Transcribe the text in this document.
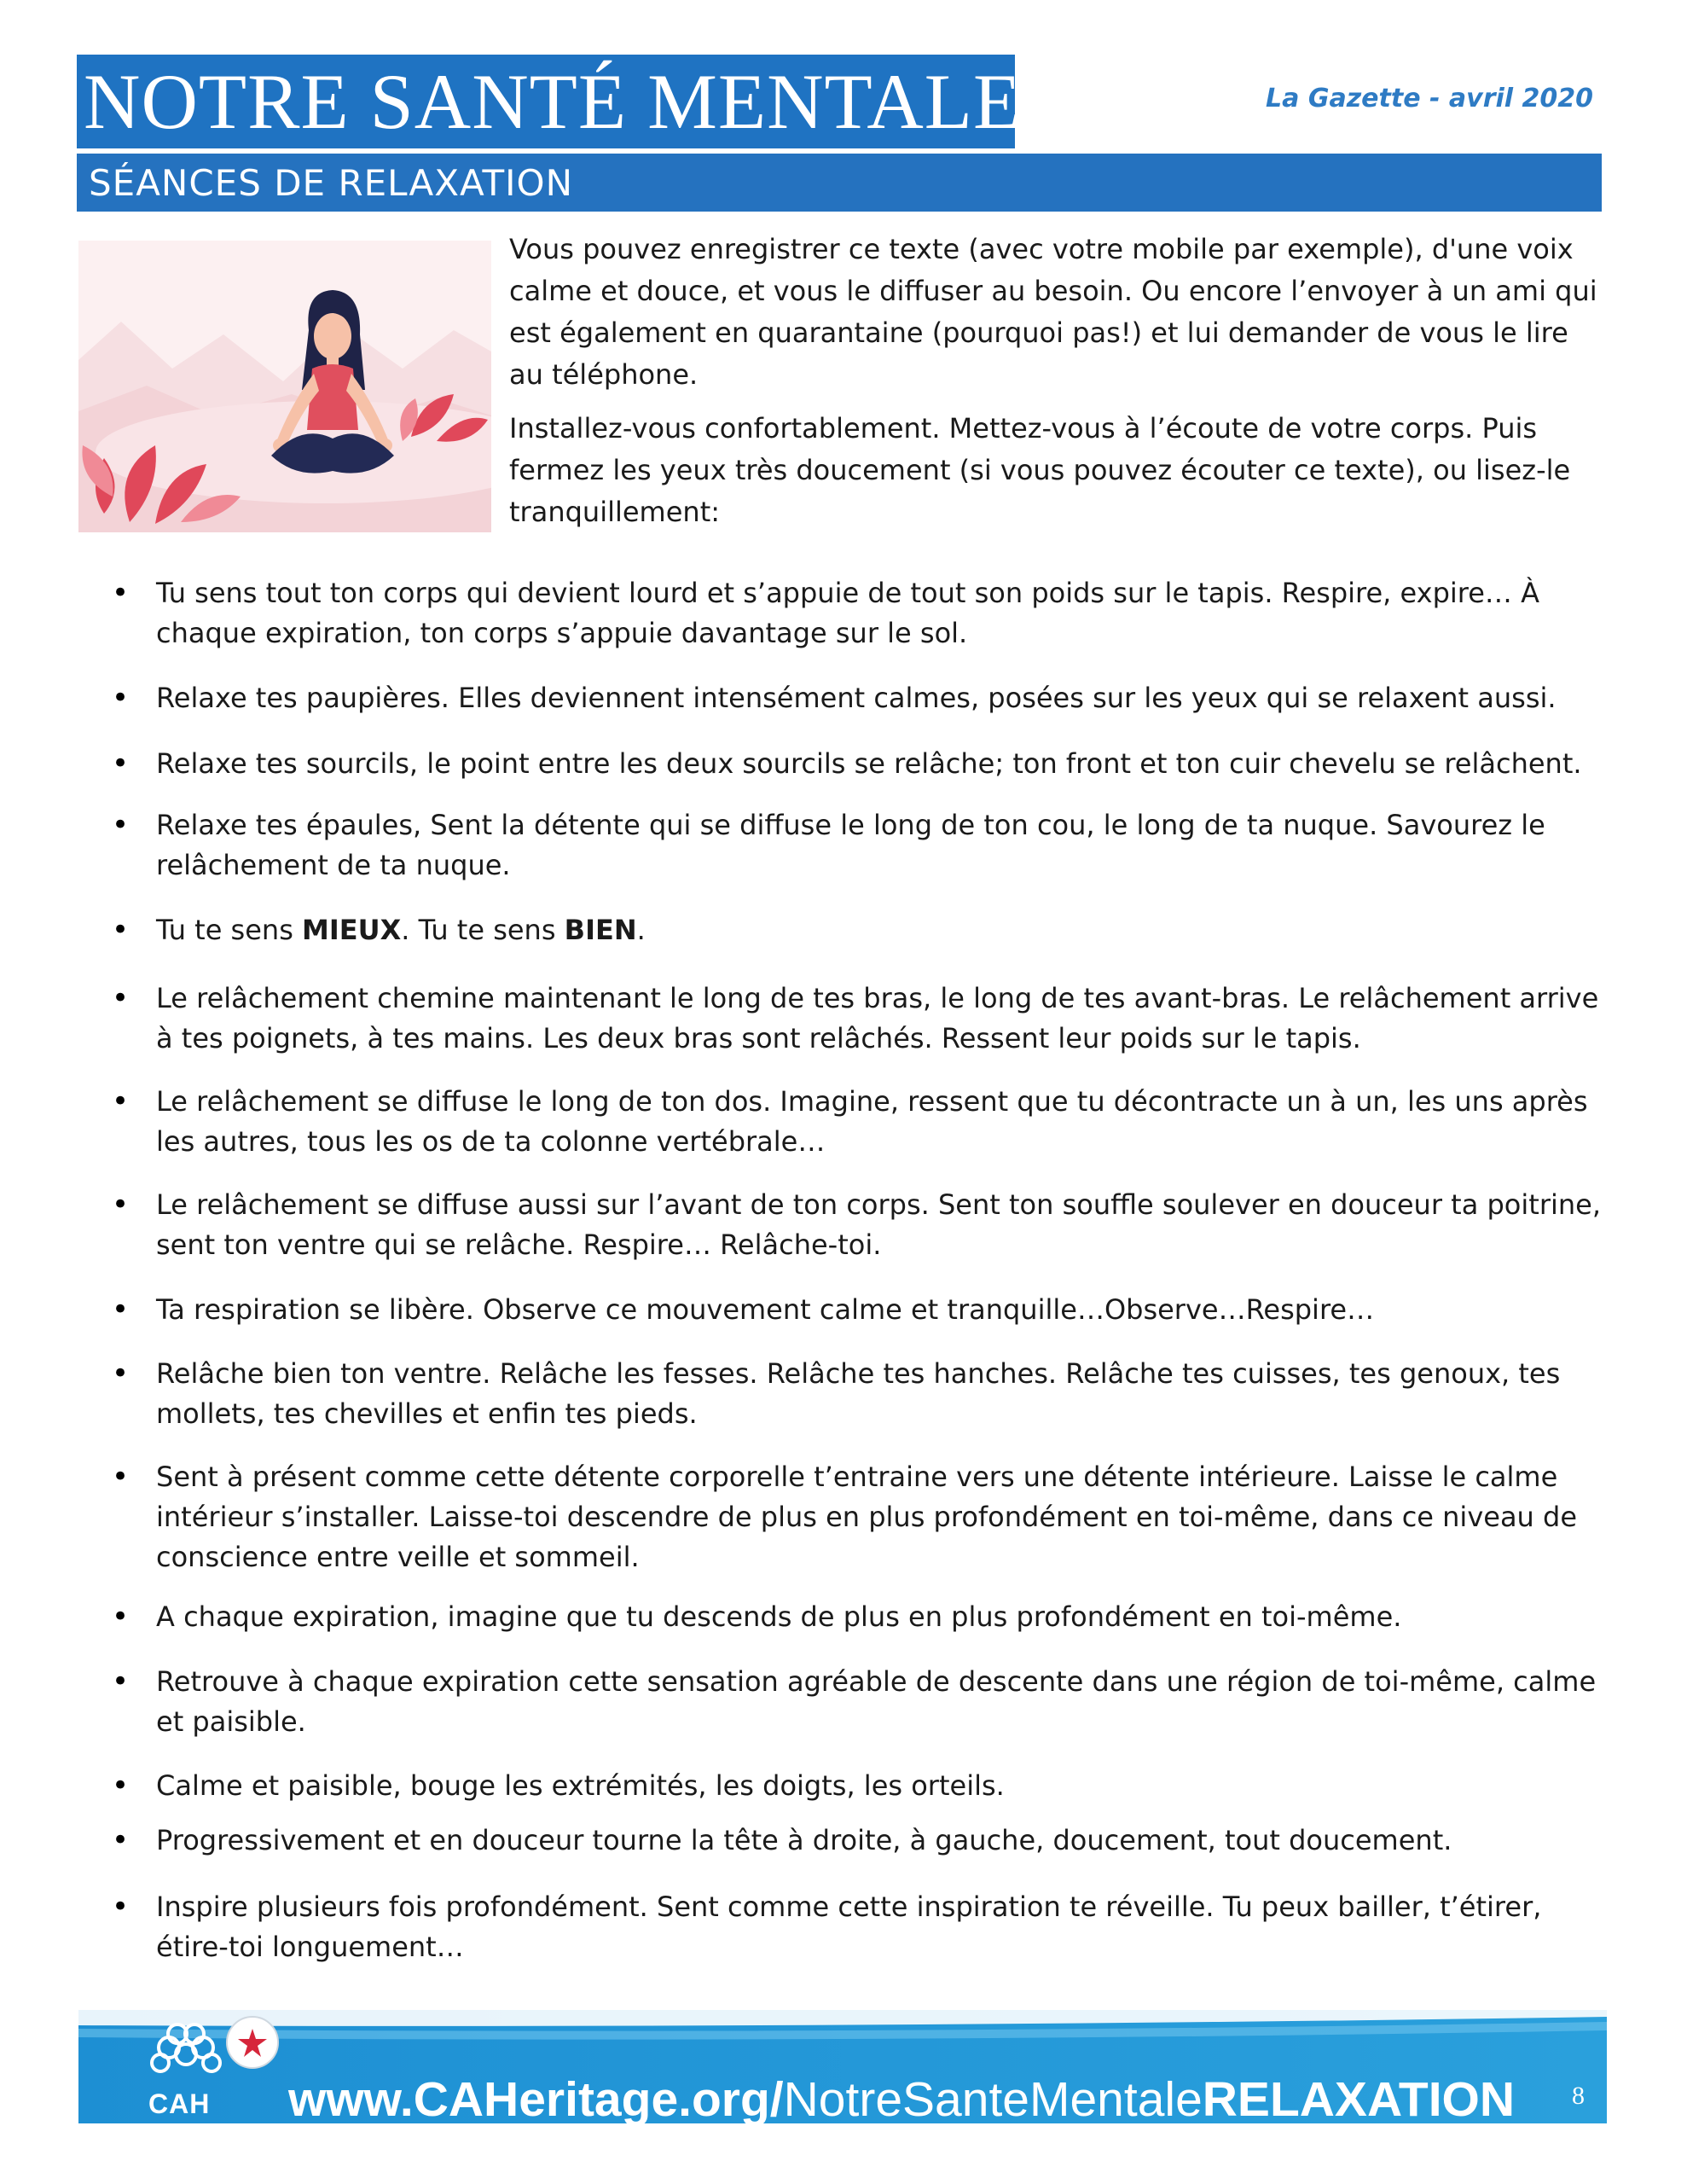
NOTRE SANTÉ MENTALE	La Gazette - avril 2020
SÉANCES DE RELAXATION

Vous pouvez enregistrer ce texte (avec votre mobile par exemple), d'une voix calme et douce, et vous le diffuser au besoin. Ou encore l’envoyer à un ami qui est également en quarantaine (pourquoi pas!) et lui demander de vous le lire au téléphone.

Installez-vous confortablement. Mettez-vous à l’écoute de votre corps. Puis fermez les yeux très doucement (si vous pouvez écouter ce texte), ou lisez-le tranquillement:

• Tu sens tout ton corps qui devient lourd et s’appuie de tout son poids sur le tapis. Respire, expire… À chaque expiration, ton corps s’appuie davantage sur le sol.
• Relaxe tes paupières. Elles deviennent intensément calmes, posées sur les yeux qui se relaxent aussi.
• Relaxe tes sourcils, le point entre les deux sourcils se relâche; ton front et ton cuir chevelu se relâchent.
• Relaxe tes épaules, Sent la détente qui se diffuse le long de ton cou, le long de ta nuque. Savourez le relâchement de ta nuque.
• Tu te sens MIEUX. Tu te sens BIEN.
• Le relâchement chemine maintenant le long de tes bras, le long de tes avant-bras. Le relâchement arrive à tes poignets, à tes mains. Les deux bras sont relâchés. Ressent leur poids sur le tapis.
• Le relâchement se diffuse le long de ton dos. Imagine, ressent que tu décontracte un à un, les uns après les autres, tous les os de ta colonne vertébrale…
• Le relâchement se diffuse aussi sur l’avant de ton corps. Sent ton souffle soulever en douceur ta poitrine, sent ton ventre qui se relâche. Respire… Relâche-toi.
• Ta respiration se libère. Observe ce mouvement calme et tranquille…Observe…Respire…
• Relâche bien ton ventre. Relâche les fesses. Relâche tes hanches. Relâche tes cuisses, tes genoux, tes mollets, tes chevilles et enfin tes pieds.
• Sent à présent comme cette détente corporelle t’entraine vers une détente intérieure. Laisse le calme intérieur s’installer. Laisse-toi descendre de plus en plus profondément en toi-même, dans ce niveau de conscience entre veille et sommeil.
• A chaque expiration, imagine que tu descends de plus en plus profondément en toi-même.
• Retrouve à chaque expiration cette sensation agréable de descente dans une région de toi-même, calme et paisible.
• Calme et paisible, bouge les extrémités, les doigts, les orteils.
• Progressivement et en douceur tourne la tête à droite, à gauche, doucement, tout doucement.
• Inspire plusieurs fois profondément. Sent comme cette inspiration te réveille. Tu peux bailler, t’étirer, étire-toi longuement…
CAH www.CAHeritage.org/NotreSanteMentaleRELAXATION 8
